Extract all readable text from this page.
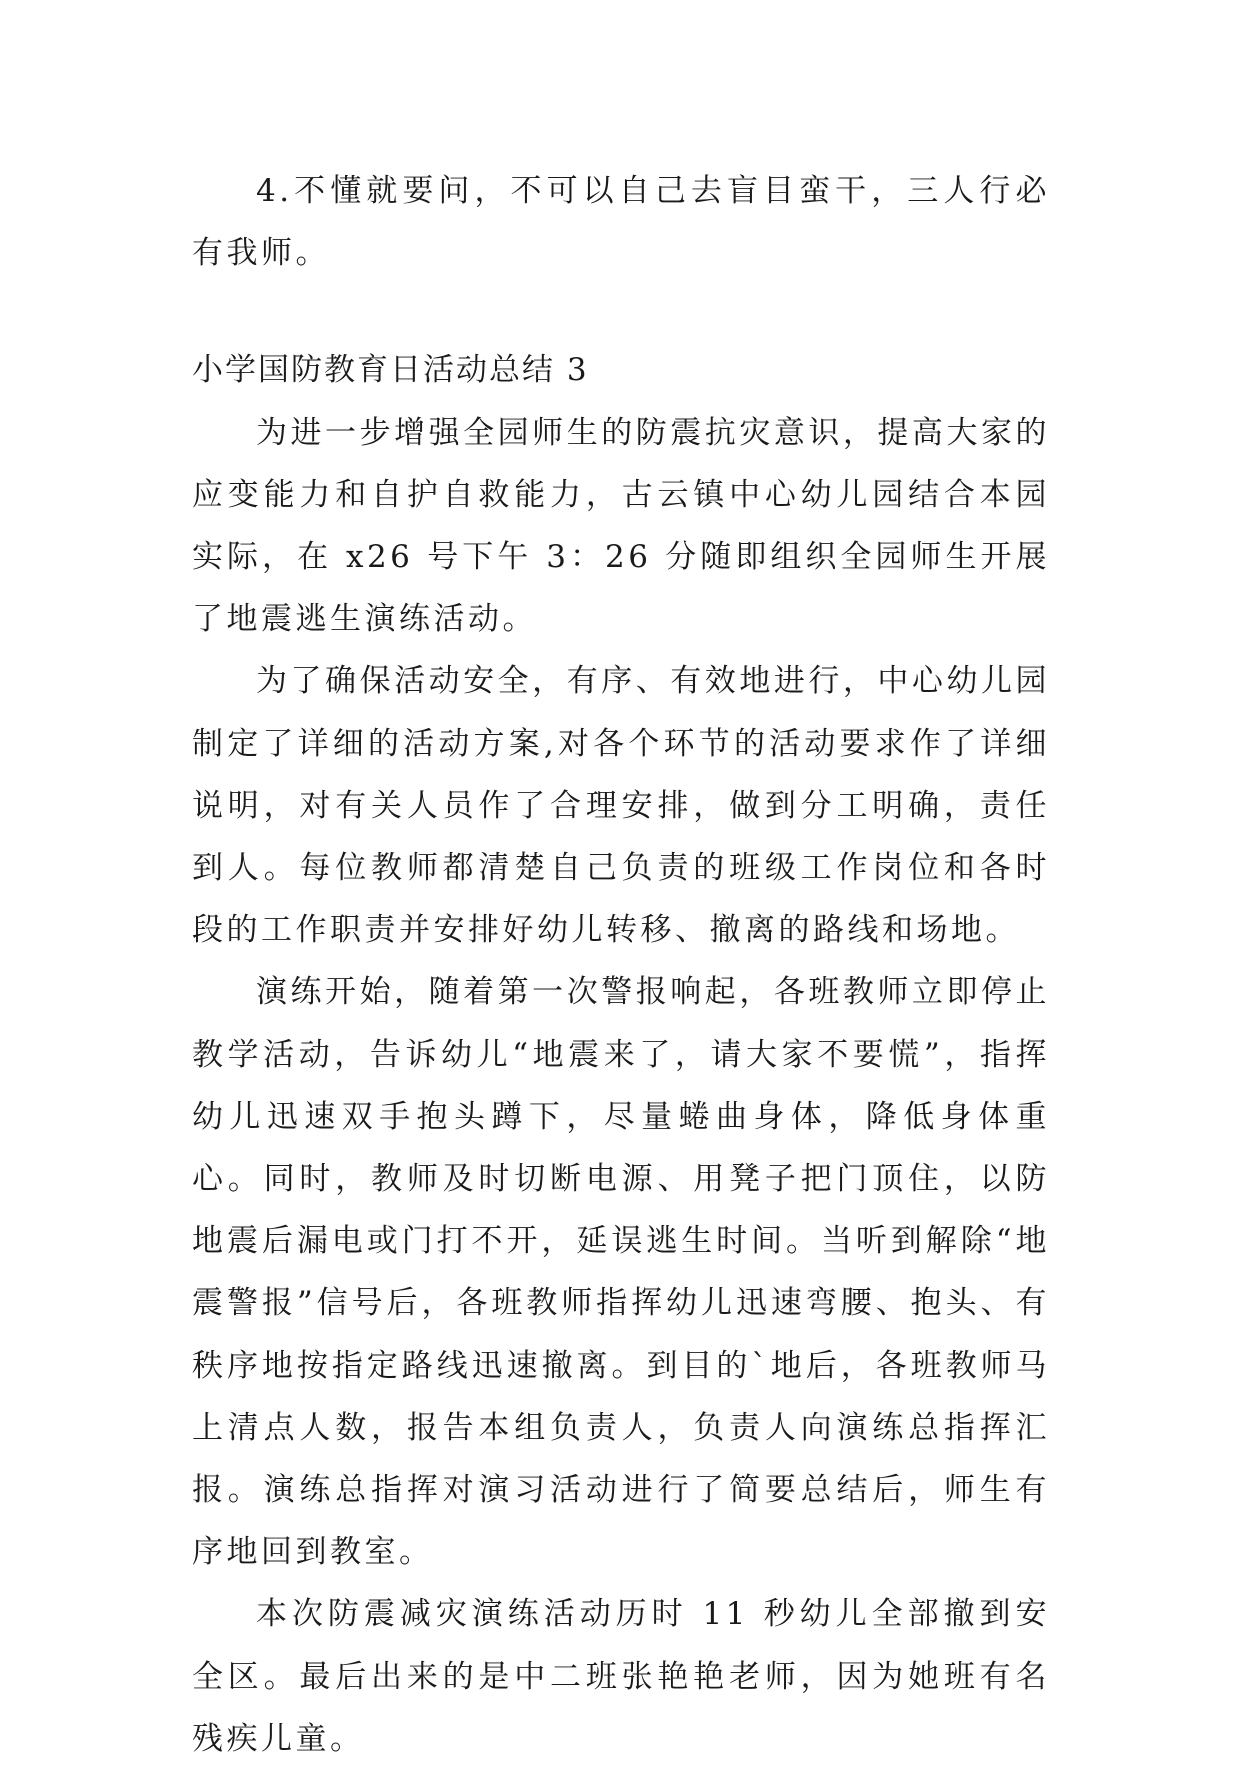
4.不懂就要问，不可以自己去盲目蛮干，三人行必有我师。

小学国防教育日活动总结 3

为进一步增强全园师生的防震抗灾意识，提高大家的应变能力和自护自救能力，古云镇中心幼儿园结合本园实际，在 x26 号下午 3：26 分随即组织全园师生开展了地震逃生演练活动。

为了确保活动安全，有序、有效地进行，中心幼儿园制定了详细的活动方案,对各个环节的活动要求作了详细说明，对有关人员作了合理安排，做到分工明确，责任到人。每位教师都清楚自己负责的班级工作岗位和各时段的工作职责并安排好幼儿转移、撤离的路线和场地。

演练开始，随着第一次警报响起，各班教师立即停止教学活动，告诉幼儿“地震来了，请大家不要慌”，指挥幼儿迅速双手抱头蹲下，尽量蜷曲身体，降低身体重心。同时，教师及时切断电源、用凳子把门顶住，以防地震后漏电或门打不开，延误逃生时间。当听到解除“地震警报”信号后，各班教师指挥幼儿迅速弯腰、抱头、有秩序地按指定路线迅速撤离。到目的`地后，各班教师马上清点人数，报告本组负责人，负责人向演练总指挥汇报。演练总指挥对演习活动进行了简要总结后，师生有序地回到教室。

本次防震减灾演练活动历时 11 秒幼儿全部撤到安全区。最后出来的是中二班张艳艳老师，因为她班有名残疾儿童。
